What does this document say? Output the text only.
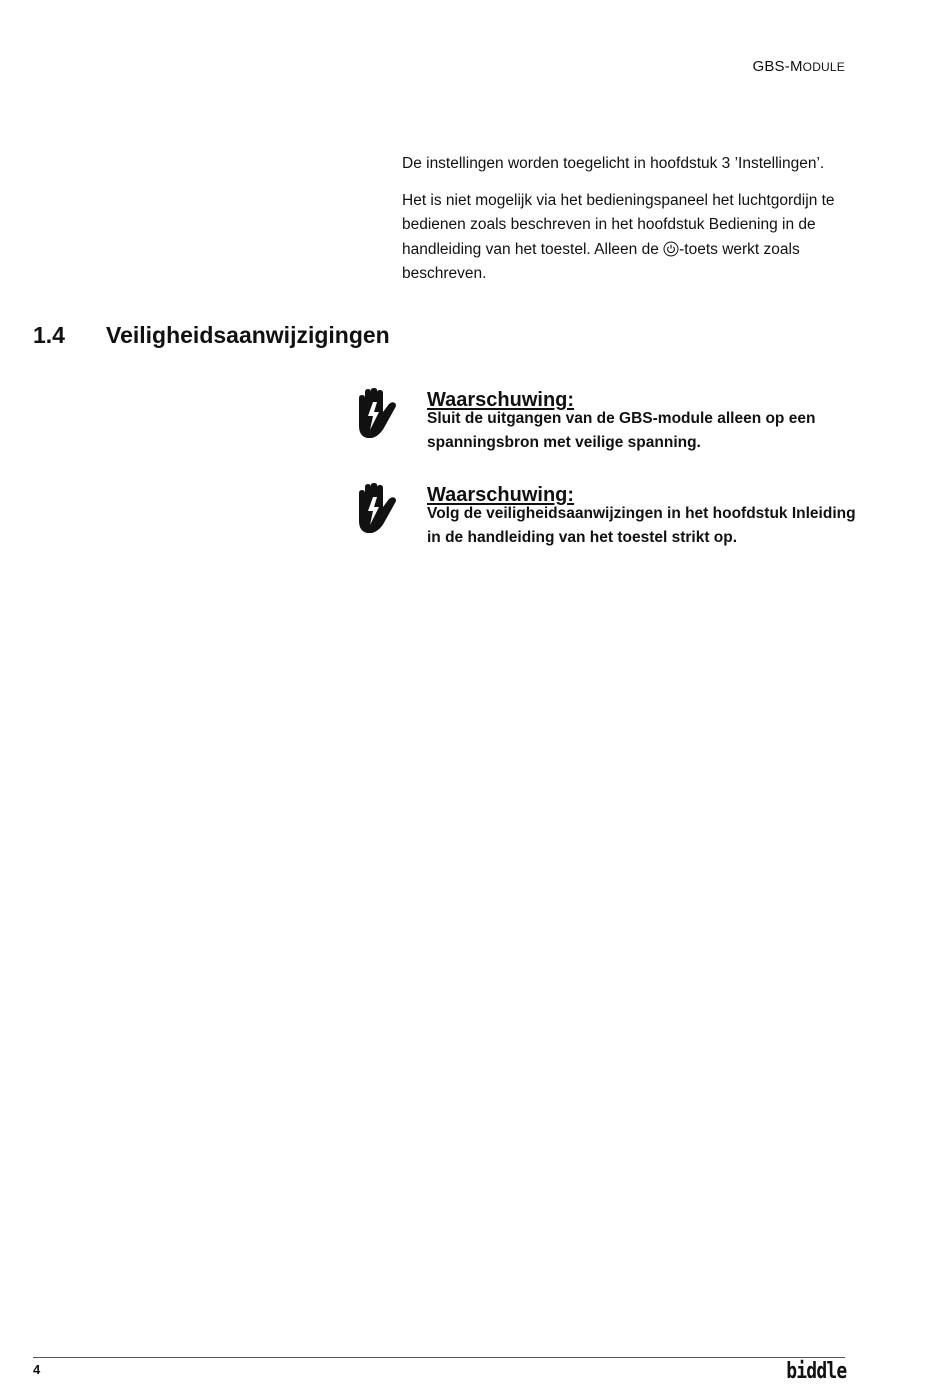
GBS-MODULE

De instellingen worden toegelicht in hoofdstuk 3 ’Instellingen’.

Het is niet mogelijk via het bedieningspaneel het luchtgordijn te bedienen zoals beschreven in het hoofdstuk Bediening in de handleiding van het toestel. Alleen de -toets werkt zoals beschreven.

1.4	Veiligheidsaanwijzigingen
Waarschuwing:
Sluit de uitgangen van de GBS-module alleen op een spanningsbron met veilige spanning.
Waarschuwing:
Volg de veiligheidsaanwijzingen in het hoofdstuk Inleiding in de handleiding van het toestel strikt op.
4	biddle
